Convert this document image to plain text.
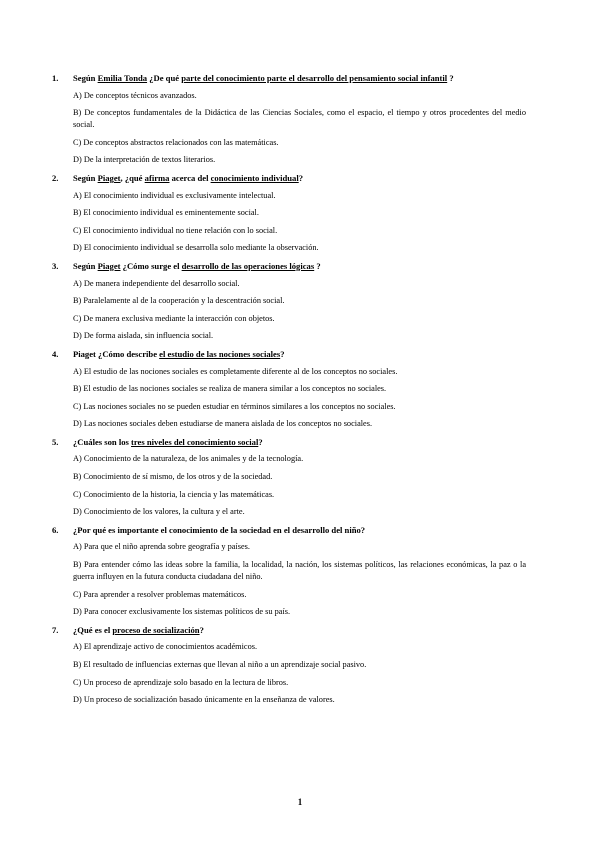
1.	Según Emilia Tonda ¿De qué parte del conocimiento parte el desarrollo del pensamiento social infantil ?
A) De conceptos técnicos avanzados.
B) De conceptos fundamentales de la Didáctica de las Ciencias Sociales, como el espacio, el tiempo y otros procedentes del medio social.
C) De conceptos abstractos relacionados con las matemáticas.
D) De la interpretación de textos literarios.
2.	Según Piaget, ¿qué afirma acerca del conocimiento individual?
A) El conocimiento individual es exclusivamente intelectual.
B) El conocimiento individual es eminentemente social.
C) El conocimiento individual no tiene relación con lo social.
D) El conocimiento individual se desarrolla solo mediante la observación.
3.	Según Piaget ¿Cómo surge el desarrollo de las operaciones lógicas ?
A) De manera independiente del desarrollo social.
B) Paralelamente al de la cooperación y la descentración social.
C) De manera exclusiva mediante la interacción con objetos.
D) De forma aislada, sin influencia social.
4.	Piaget ¿Cómo describe el estudio de las nociones sociales?
A) El estudio de las nociones sociales es completamente diferente al de los conceptos no sociales.
B) El estudio de las nociones sociales se realiza de manera similar a los conceptos no sociales.
C) Las nociones sociales no se pueden estudiar en términos similares a los conceptos no sociales.
D) Las nociones sociales deben estudiarse de manera aislada de los conceptos no sociales.
5.	¿Cuáles son los tres niveles del conocimiento social?
A) Conocimiento de la naturaleza, de los animales y de la tecnología.
B) Conocimiento de sí mismo, de los otros y de la sociedad.
C) Conocimiento de la historia, la ciencia y las matemáticas.
D) Conocimiento de los valores, la cultura y el arte.
6.	¿Por qué es importante el conocimiento de la sociedad en el desarrollo del niño?
A) Para que el niño aprenda sobre geografía y países.
B) Para entender cómo las ideas sobre la familia, la localidad, la nación, los sistemas políticos, las relaciones económicas, la paz o la guerra influyen en la futura conducta ciudadana del niño.
C) Para aprender a resolver problemas matemáticos.
D) Para conocer exclusivamente los sistemas políticos de su país.
7.	¿Qué es el proceso de socialización?
A) El aprendizaje activo de conocimientos académicos.
B) El resultado de influencias externas que llevan al niño a un aprendizaje social pasivo.
C) Un proceso de aprendizaje solo basado en la lectura de libros.
D) Un proceso de socialización basado únicamente en la enseñanza de valores.
1
